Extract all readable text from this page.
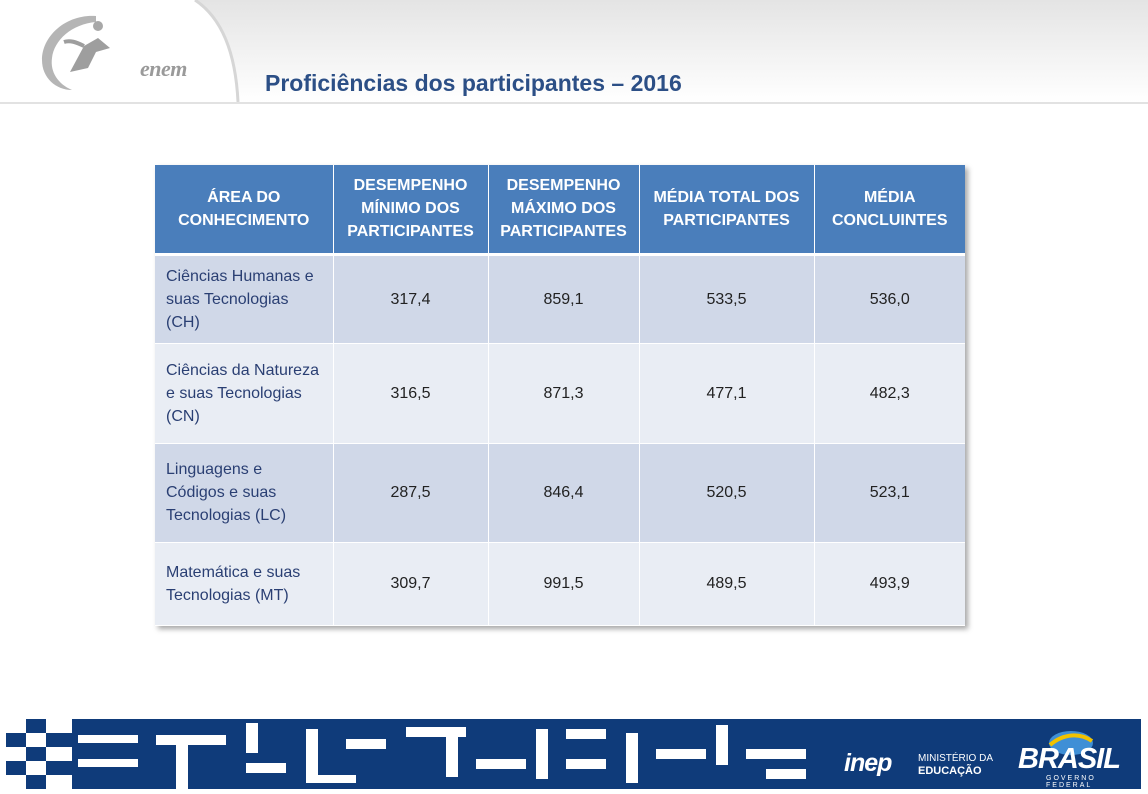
enem
Proficiências dos participantes – 2016
ÁREA DO CONHECIMENTO	DESEMPENHO MÍNIMO DOS PARTICIPANTES	DESEMPENHO MÁXIMO DOS PARTICIPANTES	MÉDIA TOTAL DOS PARTICIPANTES	MÉDIA CONCLUINTES
Ciências Humanas e suas Tecnologias (CH)	317,4	859,1	533,5	536,0
Ciências da Natureza e suas Tecnologias (CN)	316,5	871,3	477,1	482,3
Linguagens e Códigos e suas Tecnologias (LC)	287,5	846,4	520,5	523,1
Matemática e suas Tecnologias (MT)	309,7	991,5	489,5	493,9
inep	MINISTÉRIO DA
EDUCAÇÃO	BRASIL
GOVERNO FEDERAL
